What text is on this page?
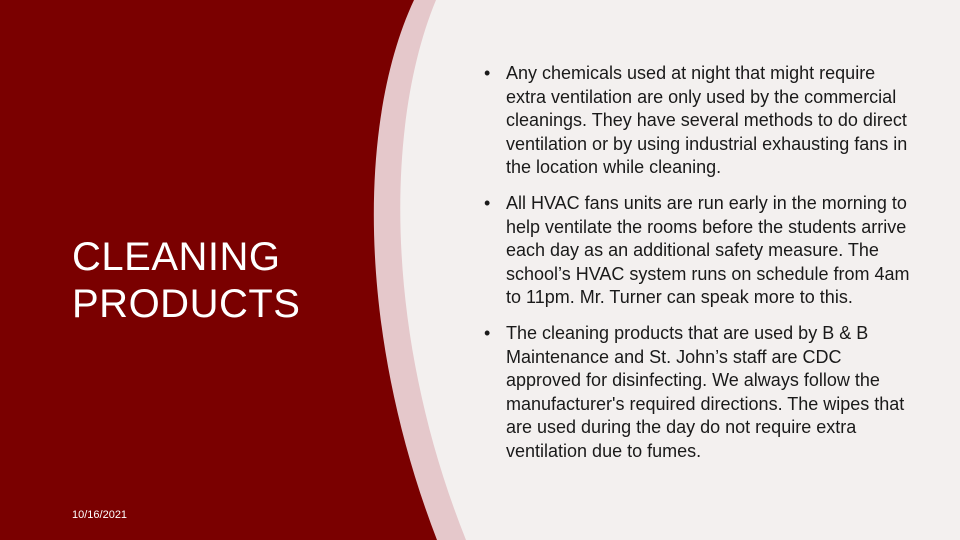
CLEANING
PRODUCTS
10/16/2021
• Any chemicals used at night that might require extra ventilation are only used by the commercial cleanings. They have several methods to do direct ventilation or by using industrial exhausting fans in the location while cleaning.
• All HVAC fans units are run early in the morning to help ventilate the rooms before the students arrive each day as an additional safety measure. The school’s HVAC system runs on schedule from 4am to 11pm. Mr. Turner can speak more to this.
• The cleaning products that are used by B & B Maintenance and St. John’s staff are CDC approved for disinfecting. We always follow the manufacturer's required directions. The wipes that are used during the day do not require extra ventilation due to fumes.
